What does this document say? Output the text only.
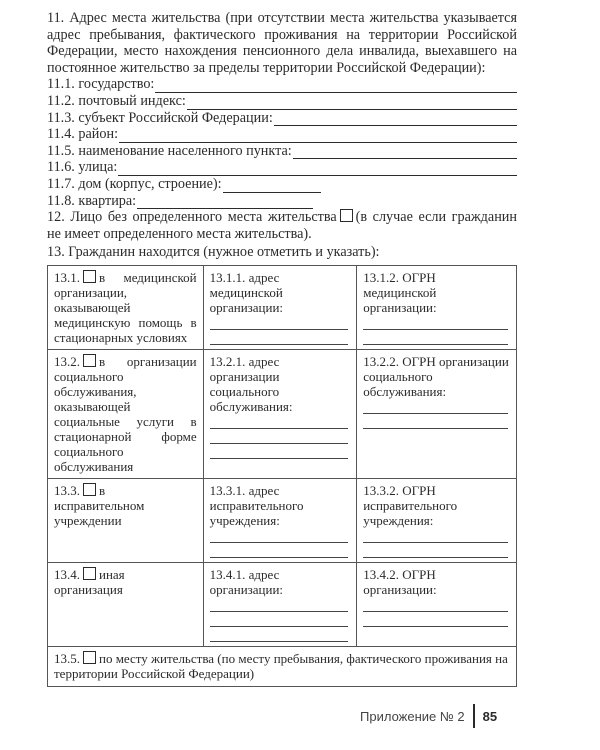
11. Адрес места жительства (при отсутствии места жительства указывается адрес пребывания, фактического проживания на территории Российской Федерации, место нахождения пенсионного дела инвалида, выехавшего на постоянное жительство за пределы территории Российской Федерации):

11.1. государство:
11.2. почтовый индекс:
11.3. субъект Российской Федерации:
11.4. район:
11.5. наименование населенного пункта:
11.6. улица:
11.7. дом (корпус, строение):
11.8. квартира:

12. Лицо без определенного места жительства (в случае если гражданин не имеет определенного места жительства).

13. Гражданин находится (нужное отметить и указать):

13.1. в медицинской организации, оказывающей медицинскую помощь в стационарных условиях	13.1.1. адрес медицинской организации:	13.1.2. ОГРН медицинской организации:

13.2. в организации социального обслуживания, оказывающей социальные услуги в стационарной форме социального обслуживания	13.2.1. адрес организации социального обслуживания:	13.2.2. ОГРН организации социального обслуживания:

13.3. в исправительном учреждении	13.3.1. адрес исправительного учреждения:	13.3.2. ОГРН исправительного учреждения:

13.4. иная организация	13.4.1. адрес организации:	13.4.2. ОГРН организации:

13.5. по месту жительства (по месту пребывания, фактического проживания на территории Российской Федерации)		
Приложение № 2 85
